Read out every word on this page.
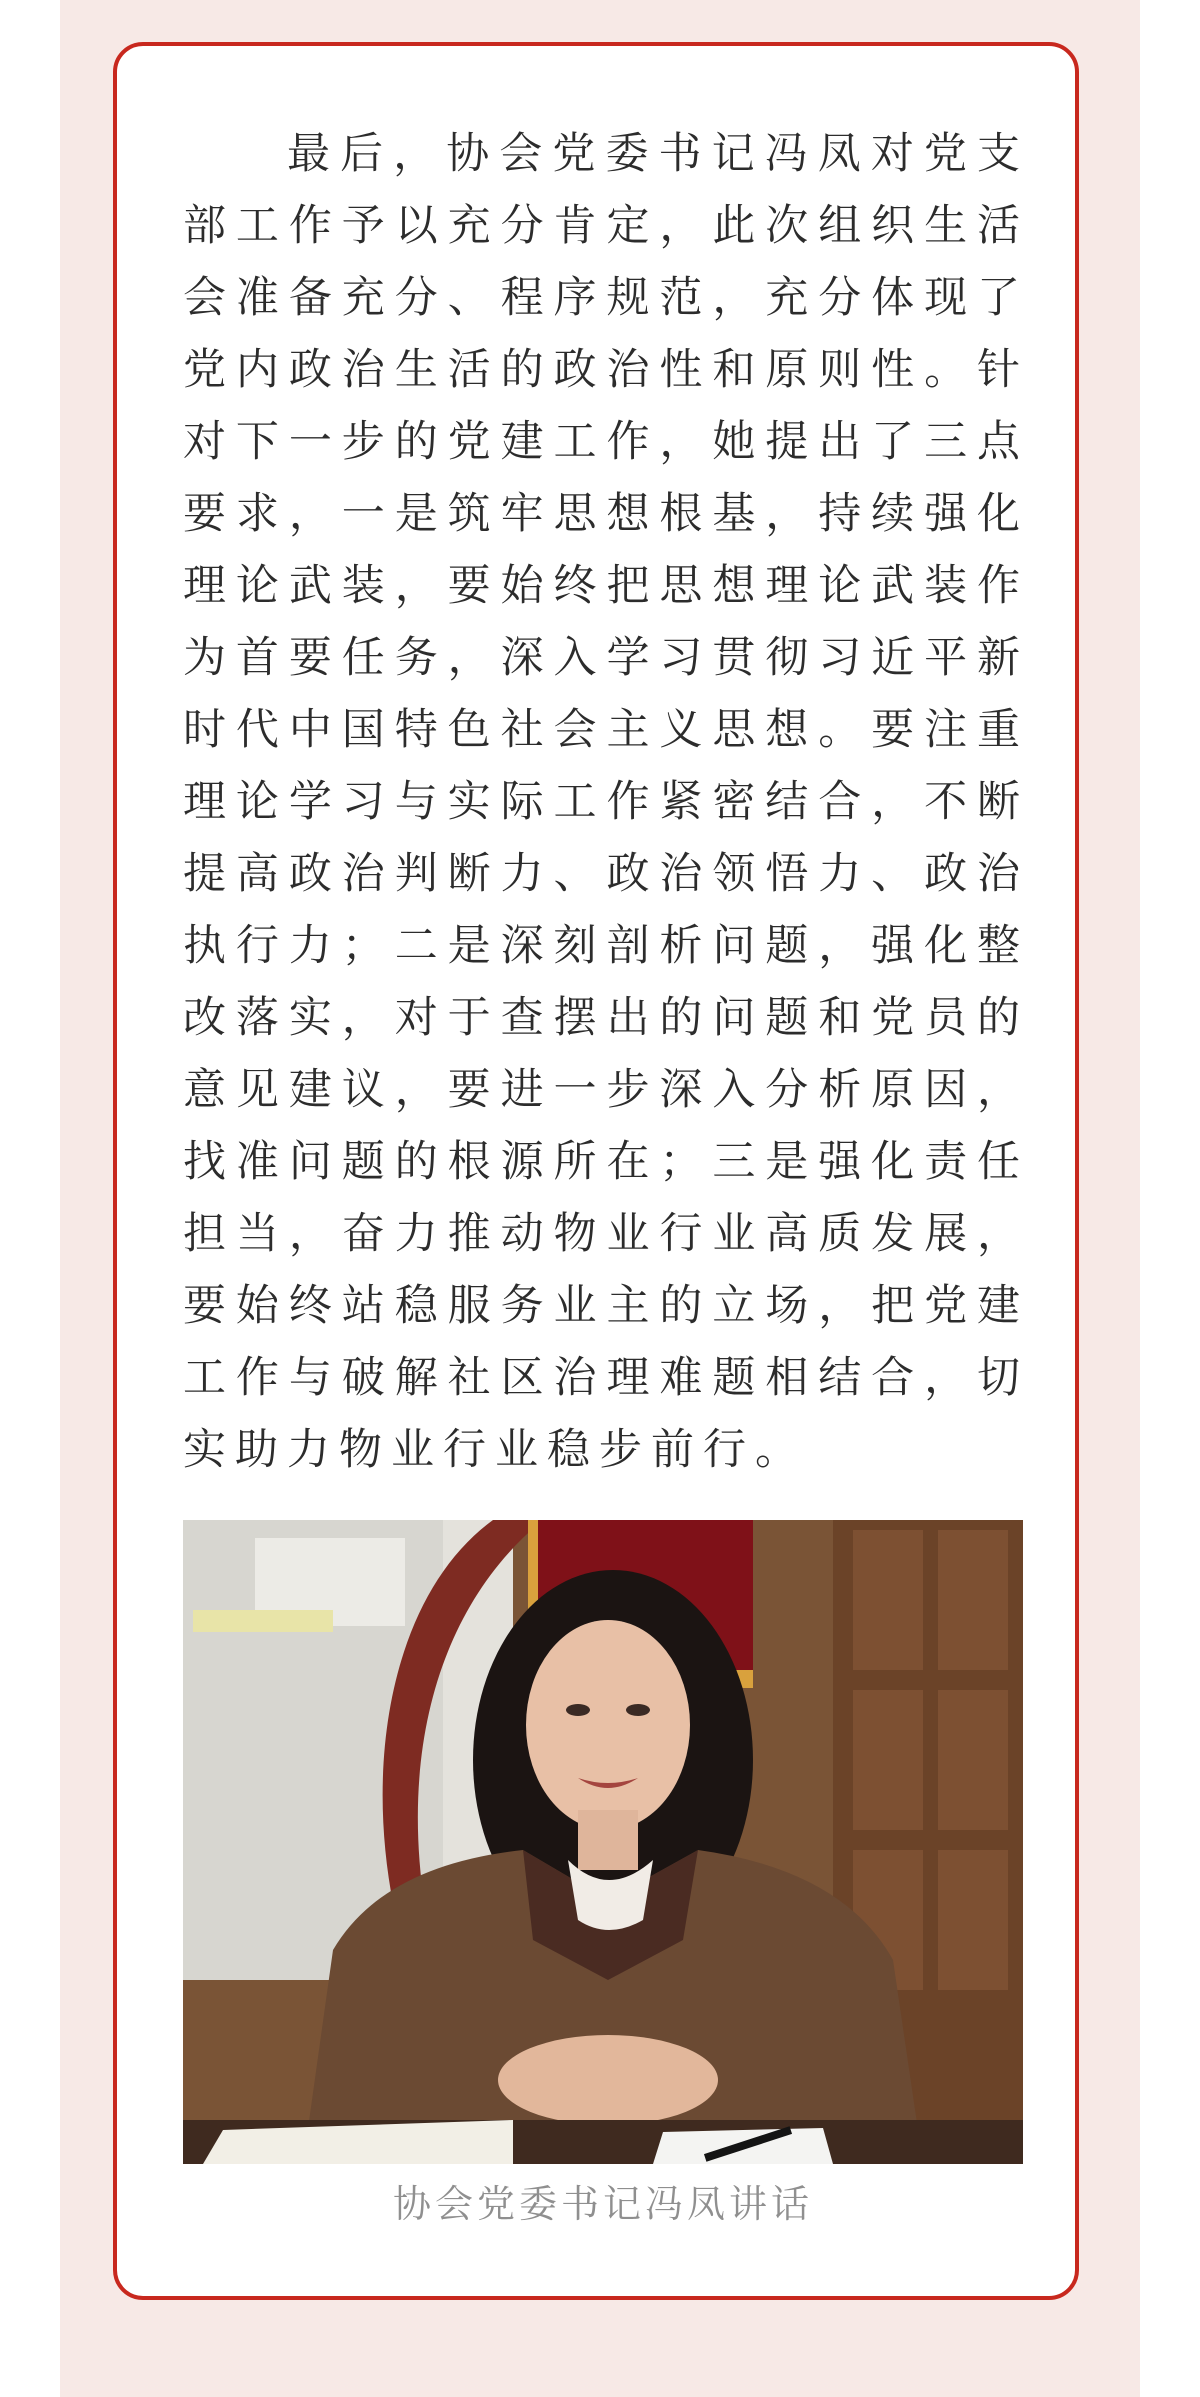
最后，协会党委书记冯凤对党支部工作予以充分肯定，此次组织生活会准备充分、程序规范，充分体现了党内政治生活的政治性和原则性。针对下一步的党建工作，她提出了三点要求，一是筑牢思想根基，持续强化理论武装，要始终把思想理论武装作为首要任务，深入学习贯彻习近平新时代中国特色社会主义思想。要注重理论学习与实际工作紧密结合，不断提高政治判断力、政治领悟力、政治执行力；二是深刻剖析问题，强化整改落实，对于查摆出的问题和党员的意见建议，要进一步深入分析原因，找准问题的根源所在；三是强化责任担当，奋力推动物业行业高质发展，要始终站稳服务业主的立场，把党建工作与破解社区治理难题相结合，切实助力物业行业稳步前行。

协会党委书记冯凤讲话
